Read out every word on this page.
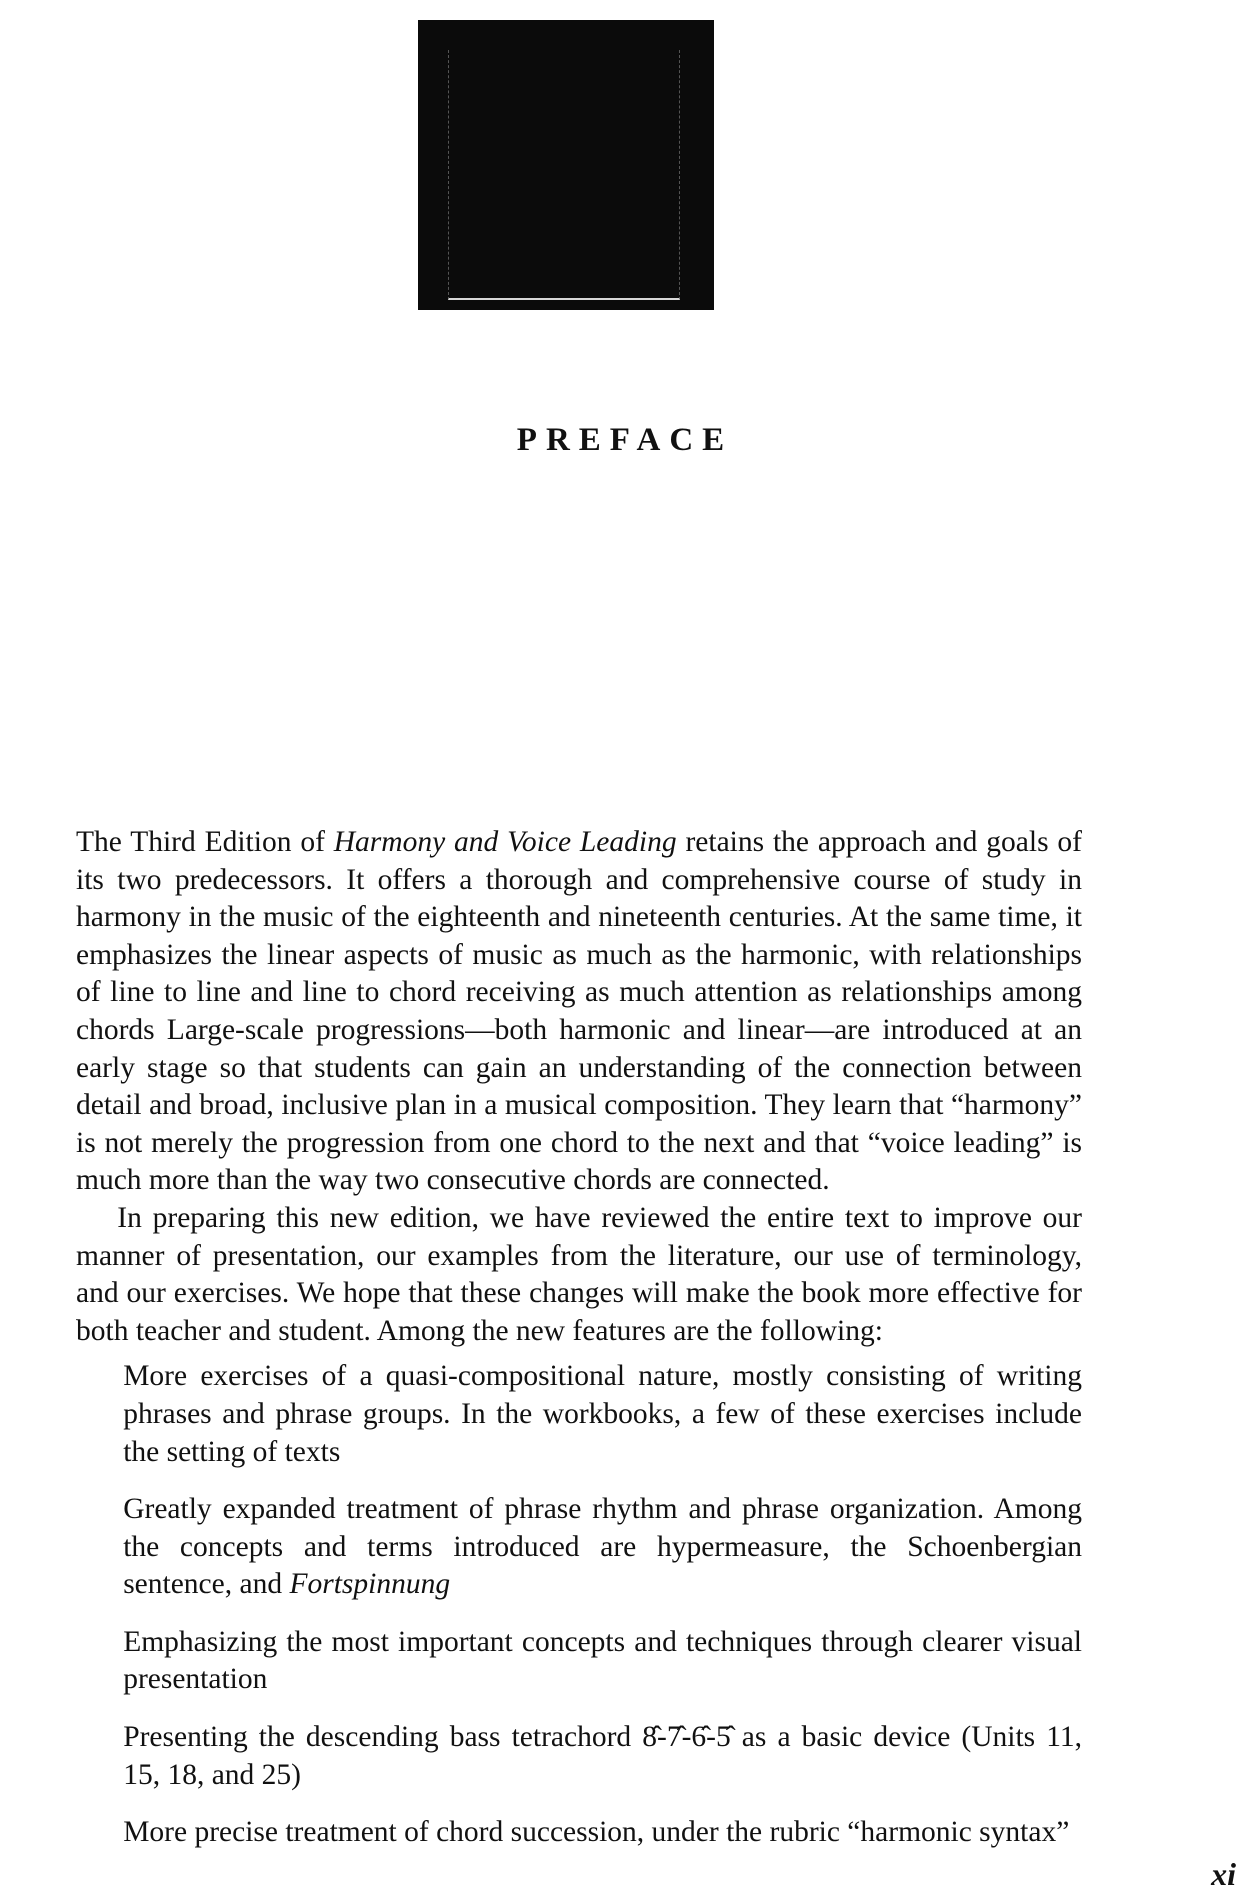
PREFACE

The Third Edition of Harmony and Voice Leading retains the approach and goals of its two predecessors. It offers a thorough and comprehensive course of study in harmony in the music of the eighteenth and nineteenth centuries. At the same time, it emphasizes the linear aspects of music as much as the harmonic, with relationships of line to line and line to chord receiving as much attention as relationships among chords Large-scale progressions—both harmonic and linear—are introduced at an early stage so that students can gain an understanding of the connection between detail and broad, inclusive plan in a musical composition. They learn that “harmony” is not merely the progression from one chord to the next and that “voice leading” is much more than the way two consecutive chords are connected.

In preparing this new edition, we have reviewed the entire text to improve our manner of presentation, our examples from the literature, our use of terminology, and our exercises. We hope that these changes will make the book more effective for both teacher and student. Among the new features are the following:

More exercises of a quasi-compositional nature, mostly consisting of writing phrases and phrase groups. In the workbooks, a few of these exercises include the setting of texts
Greatly expanded treatment of phrase rhythm and phrase organization. Among the concepts and terms introduced are hypermeasure, the Schoenbergian sentence, and Fortspinnung
Emphasizing the most important concepts and techniques through clearer visual presentation
Presenting the descending bass tetrachord 8̂-7̂-6̂-5̂ as a basic device (Units 11, 15, 18, and 25)
More precise treatment of chord succession, under the rubric “harmonic syntax”
xi
